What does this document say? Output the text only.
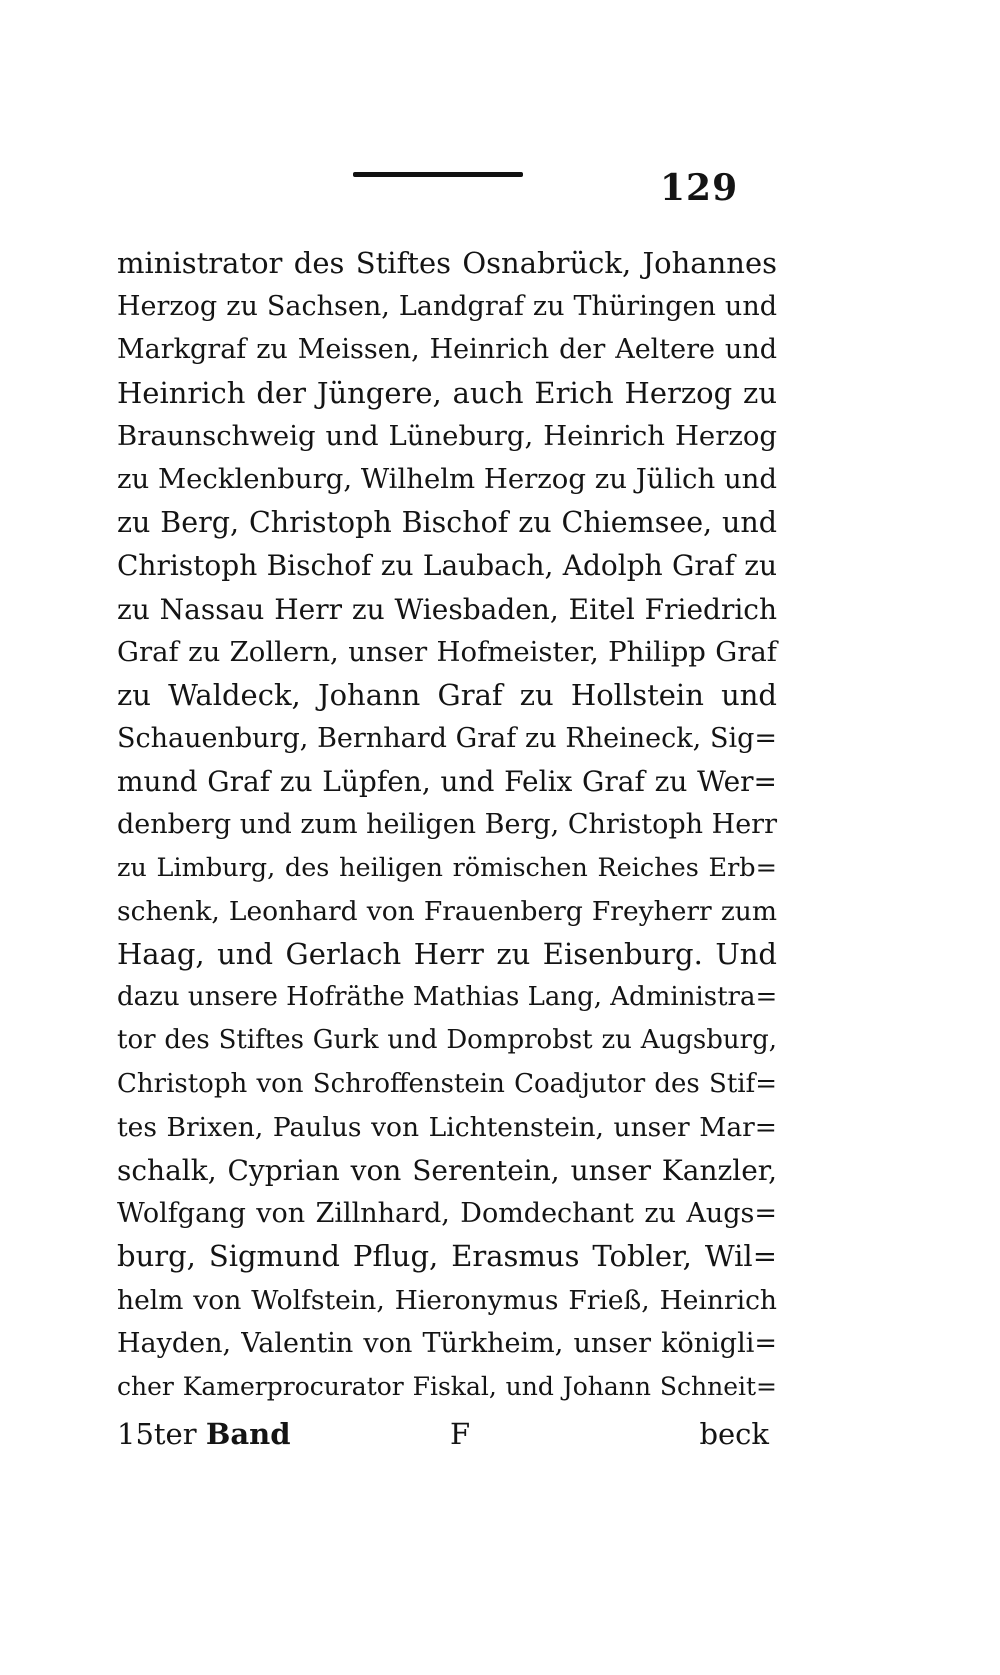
129
ministrator des Stiftes Osnabrück, Johannes
Herzog zu Sachsen, Landgraf zu Thüringen und
Markgraf zu Meissen, Heinrich der Aeltere und
Heinrich der Jüngere, auch Erich Herzog zu
Braunschweig und Lüneburg, Heinrich Herzog
zu Mecklenburg, Wilhelm Herzog zu Jülich und
zu Berg, Christoph Bischof zu Chiemsee, und
Christoph Bischof zu Laubach, Adolph Graf zu
zu Nassau Herr zu Wiesbaden, Eitel Friedrich
Graf zu Zollern, unser Hofmeister, Philipp Graf
zu Waldeck, Johann Graf zu Hollstein und
Schauenburg, Bernhard Graf zu Rheineck, Sig=
mund Graf zu Lüpfen, und Felix Graf zu Wer=
denberg und zum heiligen Berg, Christoph Herr
zu Limburg, des heiligen römischen Reiches Erb=
schenk, Leonhard von Frauenberg Freyherr zum
Haag, und Gerlach Herr zu Eisenburg. Und
dazu unsere Hofräthe Mathias Lang, Administra=
tor des Stiftes Gurk und Domprobst zu Augsburg,
Christoph von Schroffenstein Coadjutor des Stif=
tes Brixen, Paulus von Lichtenstein, unser Mar=
schalk, Cyprian von Serentein, unser Kanzler,
Wolfgang von Zillnhard, Domdechant zu Augs=
burg, Sigmund Pflug, Erasmus Tobler, Wil=
helm von Wolfstein, Hieronymus Frieß, Heinrich
Hayden, Valentin von Türkheim, unser königli=
cher Kamerprocurator Fiskal, und Johann Schneit=
15ter Band	F	beck
